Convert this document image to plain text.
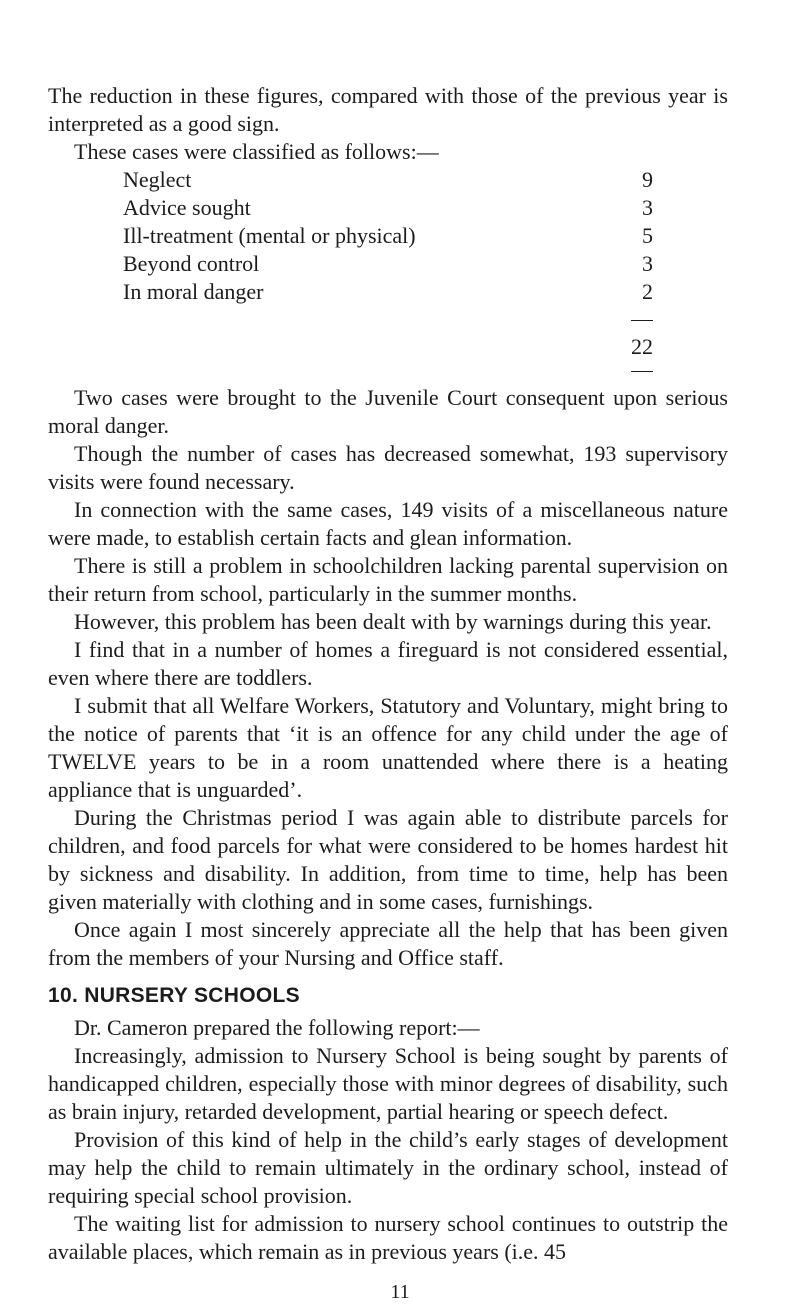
The reduction in these figures, compared with those of the previous year is interpreted as a good sign.

These cases were classified as follows:—

Neglect	9
Advice sought	3
Ill-treatment (mental or physical)	5
Beyond control	3
In moral danger	2
22

Two cases were brought to the Juvenile Court consequent upon serious moral danger.

Though the number of cases has decreased somewhat, 193 supervisory visits were found necessary.

In connection with the same cases, 149 visits of a miscellaneous nature were made, to establish certain facts and glean information.

There is still a problem in schoolchildren lacking parental supervision on their return from school, particularly in the summer months.

However, this problem has been dealt with by warnings during this year.

I find that in a number of homes a fireguard is not considered essential, even where there are toddlers.

I submit that all Welfare Workers, Statutory and Voluntary, might bring to the notice of parents that ‘it is an offence for any child under the age of TWELVE years to be in a room unattended where there is a heating appliance that is unguarded’.

During the Christmas period I was again able to distribute parcels for children, and food parcels for what were considered to be homes hardest hit by sickness and disability. In addition, from time to time, help has been given materially with clothing and in some cases, furnishings.

Once again I most sincerely appreciate all the help that has been given from the members of your Nursing and Office staff.

10. NURSERY SCHOOLS

Dr. Cameron prepared the following report:—

Increasingly, admission to Nursery School is being sought by parents of handicapped children, especially those with minor degrees of disability, such as brain injury, retarded development, partial hearing or speech defect.

Provision of this kind of help in the child’s early stages of development may help the child to remain ultimately in the ordinary school, instead of requiring special school provision.

The waiting list for admission to nursery school continues to outstrip the available places, which remain as in previous years (i.e. 45

11
